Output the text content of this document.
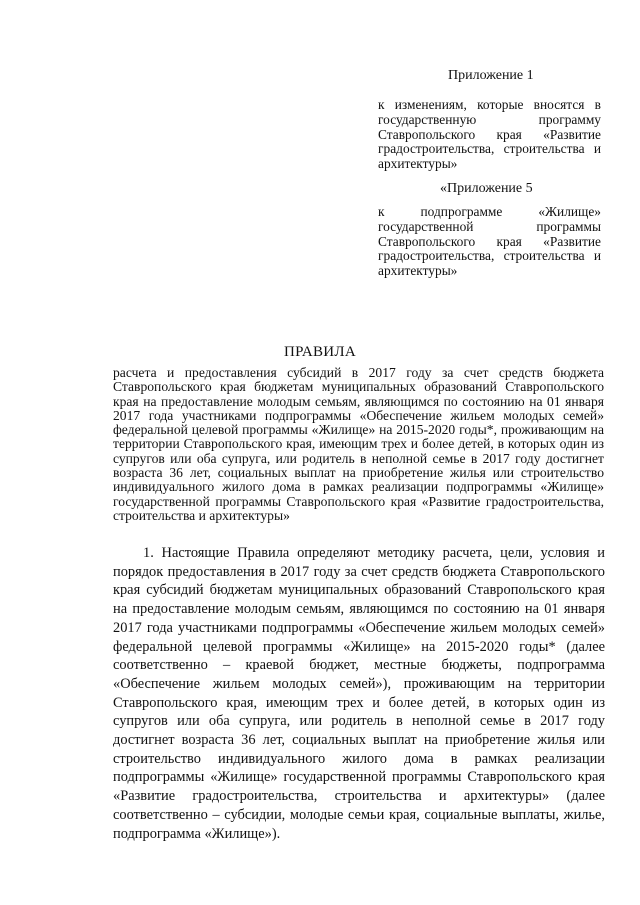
Приложение 1

к изменениям, которые вносятся в государственную программу Ставропольского края «Развитие градостроительства, строительства и архитектуры»

«Приложение 5

к подпрограмме «Жилище» государственной программы Ставропольского края «Развитие градостроительства, строительства и архитектуры»

ПРАВИЛА

расчета и предоставления субсидий в 2017 году за счет средств бюджета Ставропольского края бюджетам муниципальных образований Ставропольского края на предоставление молодым семьям, являющимся по состоянию на 01 января 2017 года участниками подпрограммы «Обеспечение жильем молодых семей» федеральной целевой программы «Жилище» на 2015-2020 годы*, проживающим на территории Ставропольского края, имеющим трех и более детей, в которых один из супругов или оба супруга, или родитель в неполной семье в 2017 году достигнет возраста 36 лет, социальных выплат на приобретение жилья или строительство индивидуального жилого дома в рамках реализации подпрограммы «Жилище» государственной программы Ставропольского края «Развитие градостроительства, строительства и архитектуры»

1. Настоящие Правила определяют методику расчета, цели, условия и порядок предоставления в 2017 году за счет средств бюджета Ставропольского края субсидий бюджетам муниципальных образований Ставропольского края на предоставление молодым семьям, являющимся по состоянию на 01 января 2017 года участниками подпрограммы «Обеспечение жильем молодых семей» федеральной целевой программы «Жилище» на 2015-2020 годы* (далее соответственно – краевой бюджет, местные бюджеты, подпрограмма «Обеспечение жильем молодых семей»), проживающим на территории Ставропольского края, имеющим трех и более детей, в которых один из супругов или оба супруга, или родитель в неполной семье в 2017 году достигнет возраста 36 лет, социальных выплат на приобретение жилья или строительство индивидуального жилого дома в рамках реализации подпрограммы «Жилище» государственной программы Ставропольского края «Развитие градостроительства, строительства и архитектуры» (далее соответственно – субсидии, молодые семьи края, социальные выплаты, жилье, подпрограмма «Жилище»).
